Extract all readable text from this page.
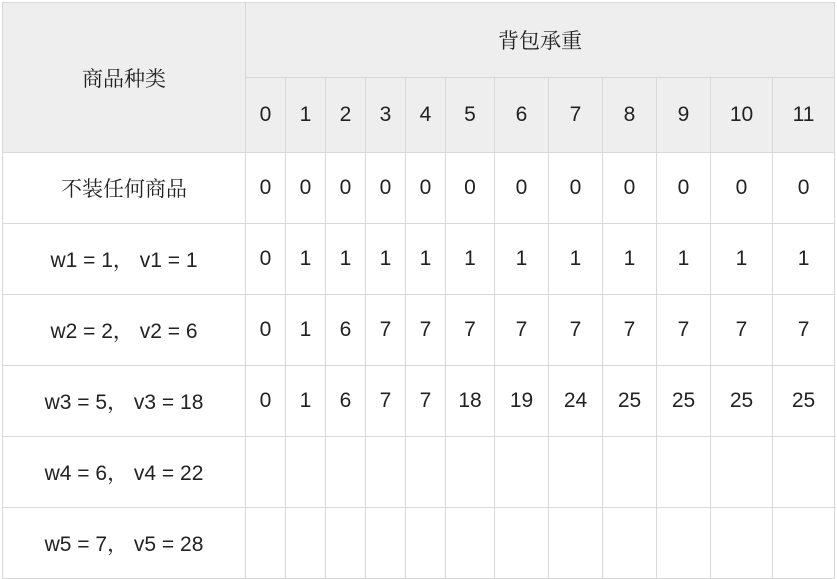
商品种类	背包承重											
	0	1	2	3	4	5	6	7	8	9	10	11
不装任何商品	0	0	0	0	0	0	0	0	0	0	0	0
w1 = 1， v1 = 1	0	1	1	1	1	1	1	1	1	1	1	1
w2 = 2， v2 = 6	0	1	6	7	7	7	7	7	7	7	7	7
w3 = 5， v3 = 18	0	1	6	7	7	18	19	24	25	25	25	25
w4 = 6， v4 = 22												
w5 = 7， v5 = 28												
